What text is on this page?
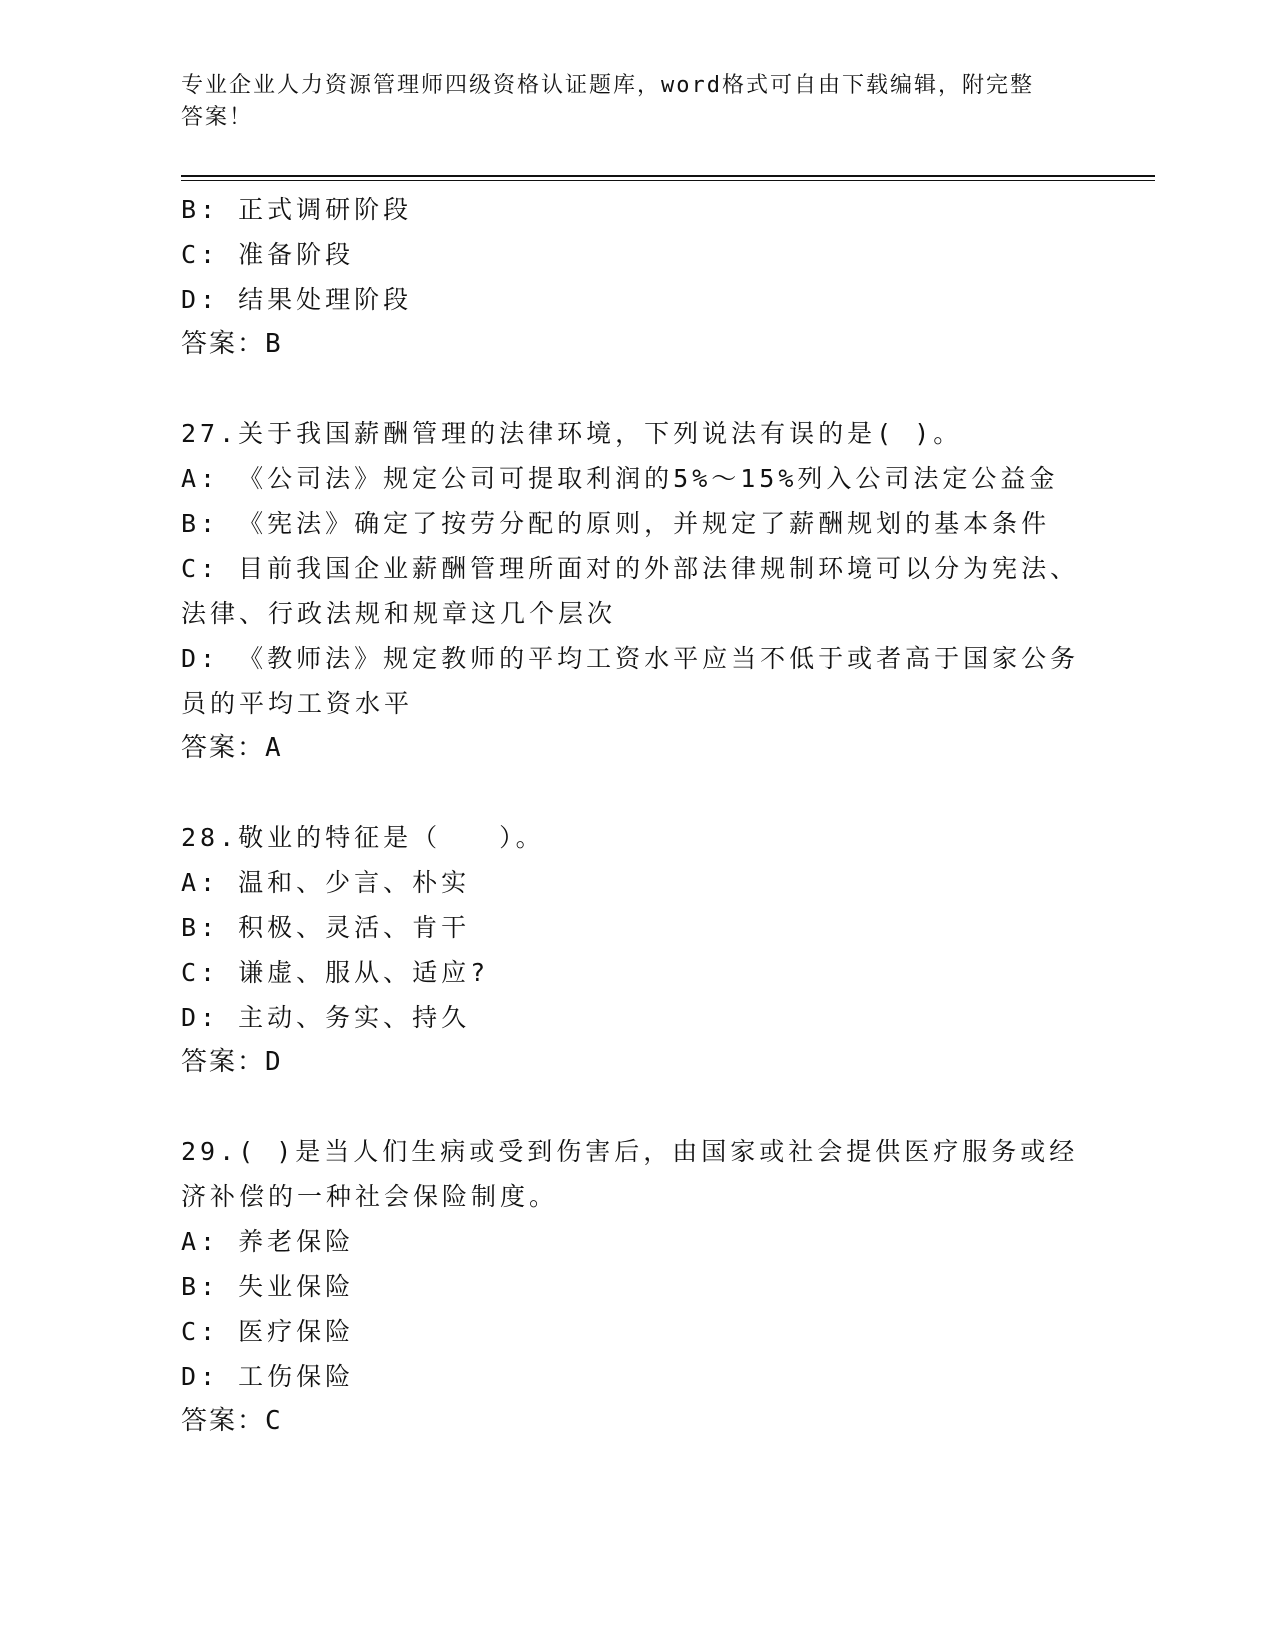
专业企业人力资源管理师四级资格认证题库，word格式可自由下载编辑，附完整
答案！
B: 正式调研阶段
C: 准备阶段
D: 结果处理阶段
答案：B
27.关于我国薪酬管理的法律环境，下列说法有误的是( )。
A: 《公司法》规定公司可提取利润的5%～15%列入公司法定公益金
B: 《宪法》确定了按劳分配的原则，并规定了薪酬规划的基本条件
C: 目前我国企业薪酬管理所面对的外部法律规制环境可以分为宪法、
法律、行政法规和规章这几个层次
D: 《教师法》规定教师的平均工资水平应当不低于或者高于国家公务
员的平均工资水平
答案：A
28.敬业的特征是（　　）。
A: 温和、少言、朴实
B: 积极、灵活、肯干
C: 谦虚、服从、适应?
D: 主动、务实、持久
答案：D
29.( )是当人们生病或受到伤害后，由国家或社会提供医疗服务或经
济补偿的一种社会保险制度。
A: 养老保险
B: 失业保险
C: 医疗保险
D: 工伤保险
答案：C
